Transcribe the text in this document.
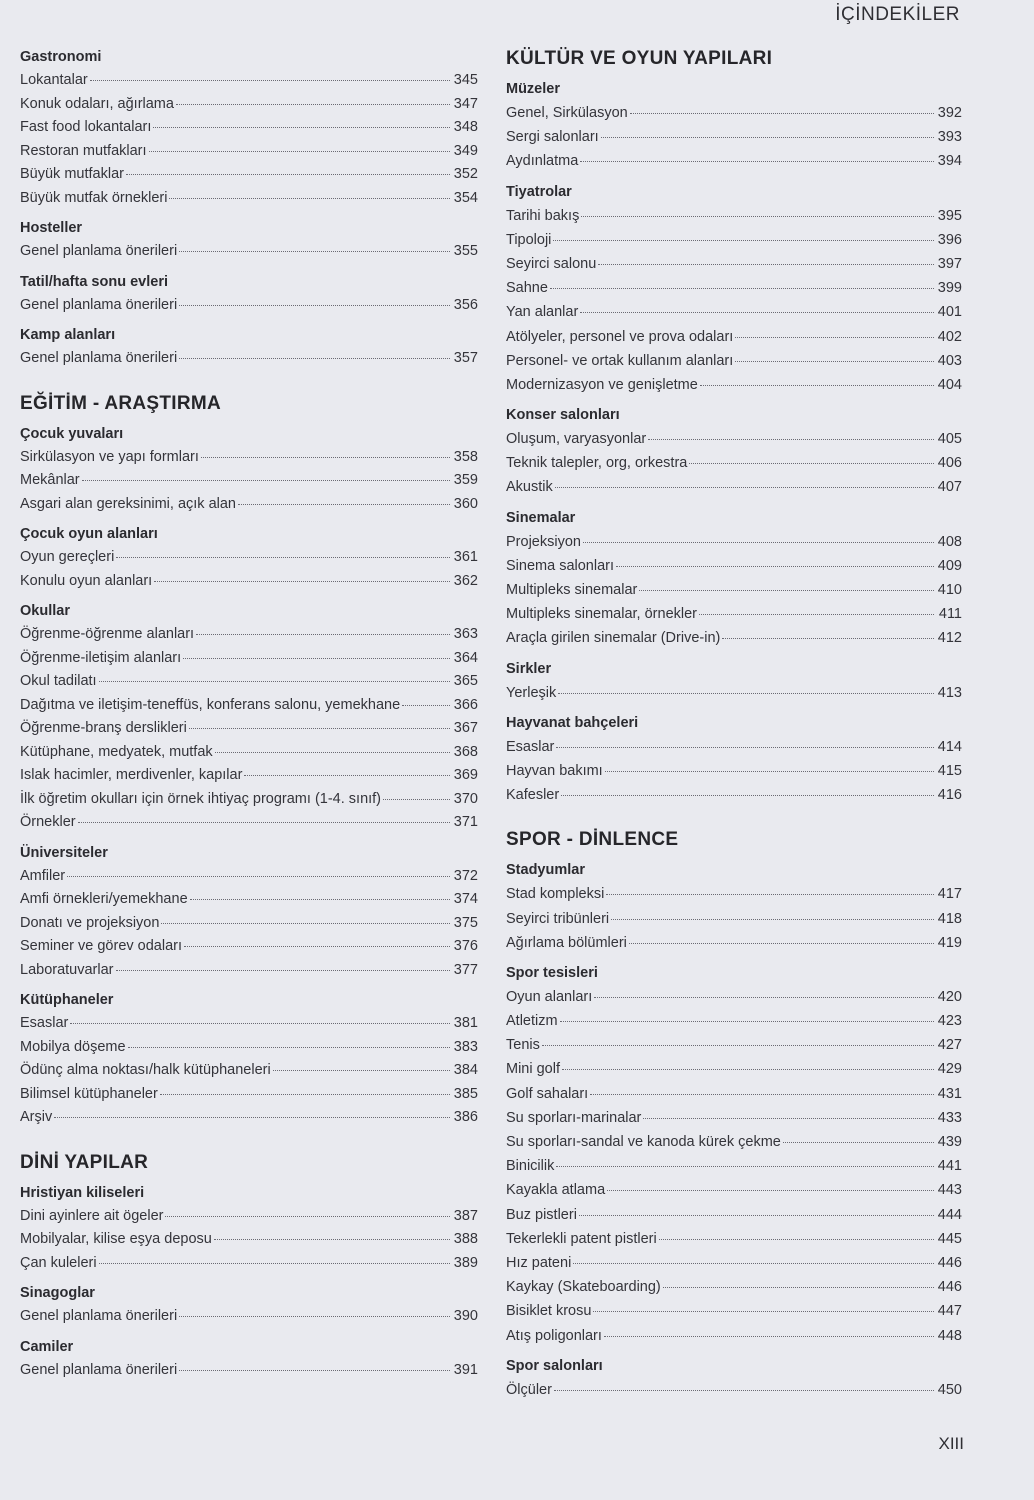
İÇİNDEKİLER
Gastronomi
Lokantalar	345
Konuk odaları, ağırlama	347
Fast food lokantaları	348
Restoran mutfakları	349
Büyük mutfaklar	352
Büyük mutfak örnekleri	354
Hosteller
Genel planlama önerileri	355
Tatil/hafta sonu evleri
Genel planlama önerileri	356
Kamp alanları
Genel planlama önerileri	357
EĞİTİM - ARAŞTIRMA
Çocuk yuvaları
Sirkülasyon ve yapı formları	358
Mekânlar	359
Asgari alan gereksinimi, açık alan	360
Çocuk oyun alanları
Oyun gereçleri	361
Konulu oyun alanları	362
Okullar
Öğrenme-öğrenme alanları	363
Öğrenme-iletişim alanları	364
Okul tadilatı	365
Dağıtma ve iletişim-teneffüs, konferans salonu, yemekhane	366
Öğrenme-branş derslikleri	367
Kütüphane, medyatek, mutfak	368
Islak hacimler, merdivenler, kapılar	369
İlk öğretim okulları için örnek ihtiyaç programı (1-4. sınıf)	370
Örnekler	371
Üniversiteler
Amfiler	372
Amfi örnekleri/yemekhane	374
Donatı ve projeksiyon	375
Seminer ve görev odaları	376
Laboratuvarlar	377
Kütüphaneler
Esaslar	381
Mobilya döşeme	383
Ödünç alma noktası/halk kütüphaneleri	384
Bilimsel kütüphaneler	385
Arşiv	386
DİNİ YAPILAR
Hristiyan kiliseleri
Dini ayinlere ait ögeler	387
Mobilyalar, kilise eşya deposu	388
Çan kuleleri	389
Sinagoglar
Genel planlama önerileri	390
Camiler
Genel planlama önerileri	391
KÜLTÜR VE OYUN YAPILARI
Müzeler
Genel, Sirkülasyon	392
Sergi salonları	393
Aydınlatma	394
Tiyatrolar
Tarihi bakış	395
Tipoloji	396
Seyirci salonu	397
Sahne	399
Yan alanlar	401
Atölyeler, personel ve prova odaları	402
Personel- ve ortak kullanım alanları	403
Modernizasyon ve genişletme	404
Konser salonları
Oluşum, varyasyonlar	405
Teknik talepler, org, orkestra	406
Akustik	407
Sinemalar
Projeksiyon	408
Sinema salonları	409
Multipleks sinemalar	410
Multipleks sinemalar, örnekler	411
Araçla girilen sinemalar (Drive-in)	412
Sirkler
Yerleşik	413
Hayvanat bahçeleri
Esaslar	414
Hayvan bakımı	415
Kafesler	416
SPOR - DİNLENCE
Stadyumlar
Stad kompleksi	417
Seyirci tribünleri	418
Ağırlama bölümleri	419
Spor tesisleri
Oyun alanları	420
Atletizm	423
Tenis	427
Mini golf	429
Golf sahaları	431
Su sporları-marinalar	433
Su sporları-sandal ve kanoda kürek çekme	439
Binicilik	441
Kayakla atlama	443
Buz pistleri	444
Tekerlekli patent pistleri	445
Hız pateni	446
Kaykay (Skateboarding)	446
Bisiklet krosu	447
Atış poligonları	448
Spor salonları
Ölçüler	450
XIII
